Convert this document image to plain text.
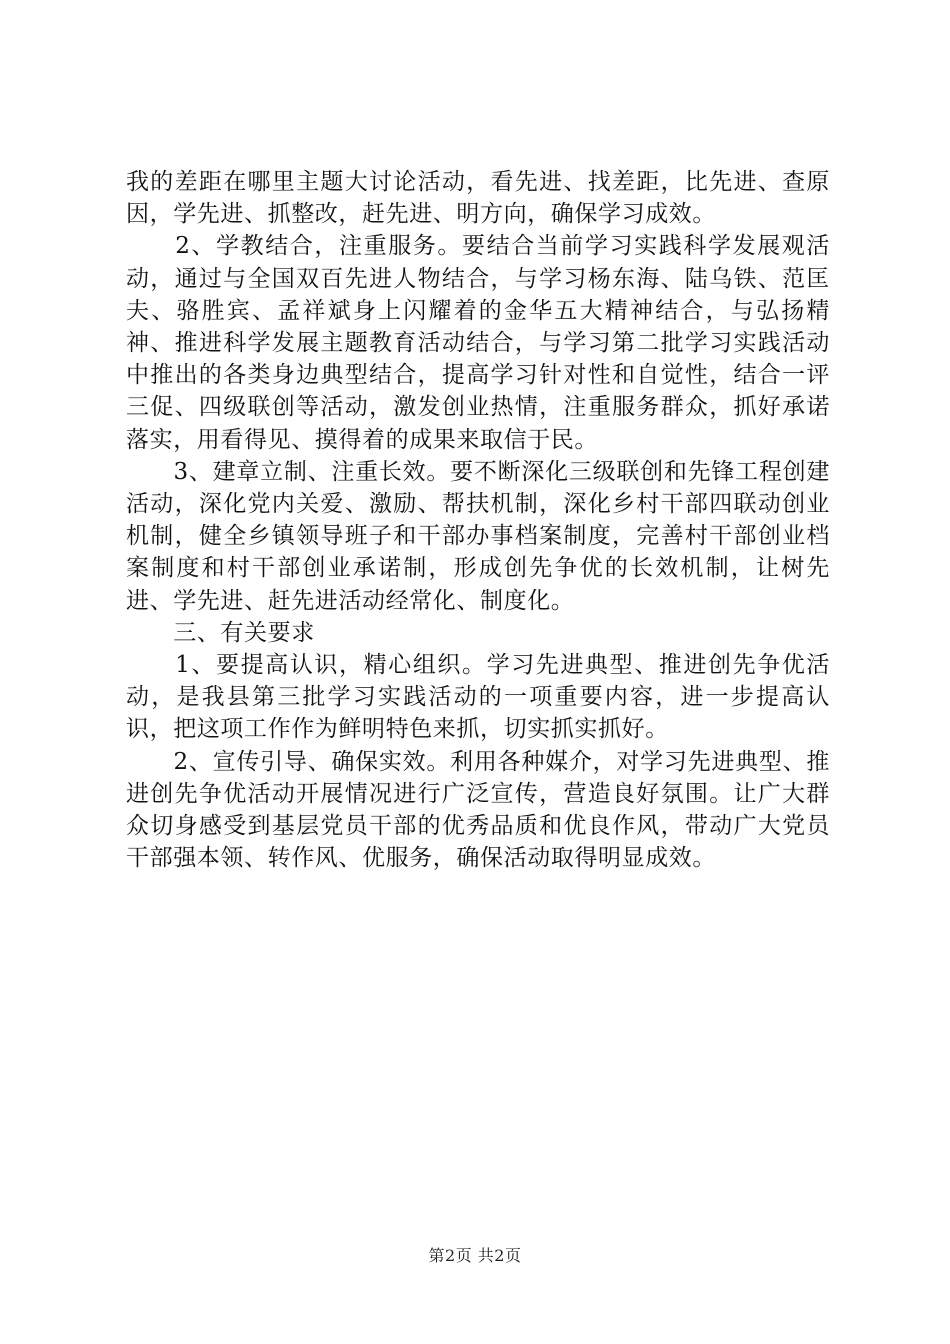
我的差距在哪里主题大讨论活动，看先进、找差距，比先进、查原因，学先进、抓整改，赶先进、明方向，确保学习成效。

　　2、学教结合，注重服务。要结合当前学习实践科学发展观活动，通过与全国双百先进人物结合，与学习杨东海、陆乌铁、范匡夫、骆胜宾、孟祥斌身上闪耀着的金华五大精神结合，与弘扬精神、推进科学发展主题教育活动结合，与学习第二批学习实践活动中推出的各类身边典型结合，提高学习针对性和自觉性，结合一评三促、四级联创等活动，激发创业热情，注重服务群众，抓好承诺落实，用看得见、摸得着的成果来取信于民。

　　3、建章立制、注重长效。要不断深化三级联创和先锋工程创建活动，深化党内关爱、激励、帮扶机制，深化乡村干部四联动创业机制，健全乡镇领导班子和干部办事档案制度，完善村干部创业档案制度和村干部创业承诺制，形成创先争优的长效机制，让树先进、学先进、赶先进活动经常化、制度化。

　　三、有关要求

　　1、要提高认识，精心组织。学习先进典型、推进创先争优活动，是我县第三批学习实践活动的一项重要内容，进一步提高认识，把这项工作作为鲜明特色来抓，切实抓实抓好。

　　2、宣传引导、确保实效。利用各种媒介，对学习先进典型、推进创先争优活动开展情况进行广泛宣传，营造良好氛围。让广大群众切身感受到基层党员干部的优秀品质和优良作风，带动广大党员干部强本领、转作风、优服务，确保活动取得明显成效。

第2页 共2页
